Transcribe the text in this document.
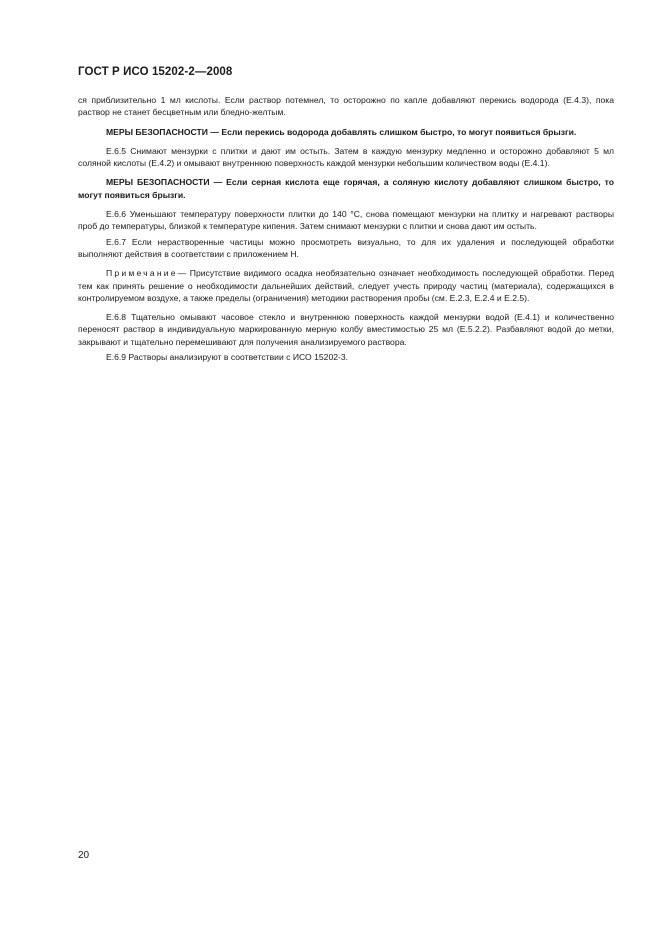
ГОСТ Р ИСО 15202-2—2008

ся приблизительно 1 мл кислоты. Если раствор потемнел, то осторожно по капле добавляют перекись водорода (Е.4.3), пока раствор не станет бесцветным или бледно-желтым.

МЕРЫ БЕЗОПАСНОСТИ — Если перекись водорода добавлять слишком быстро, то могут появиться брызги.

Е.6.5 Снимают мензурки с плитки и дают им остыть. Затем в каждую мензурку медленно и осторожно добавляют 5 мл соляной кислоты (Е.4.2) и омывают внутреннюю поверхность каждой мензурки небольшим количеством воды (Е.4.1).

МЕРЫ БЕЗОПАСНОСТИ — Если серная кислота еще горячая, а соляную кислоту добавляют слишком быстро, то могут появиться брызги.

Е.6.6 Уменьшают температуру поверхности плитки до 140 °С, снова помещают мензурки на плитку и нагревают растворы проб до температуры, близкой к температуре кипения. Затем снимают мензурки с плитки и снова дают им остыть.

Е.6.7 Если нерастворенные частицы можно просмотреть визуально, то для их удаления и последующей обработки выполняют действия в соответствии с приложением Н.

Примечание— Присутствие видимого осадка необязательно означает необходимость последующей обработки. Перед тем как принять решение о необходимости дальнейших действий, следует учесть природу частиц (материала), содержащихся в контролируемом воздухе, а также пределы (ограничения) методики растворения пробы (см. Е.2.3, Е.2.4 и Е.2.5).

Е.6.8 Тщательно омывают часовое стекло и внутреннюю поверхность каждой мензурки водой (Е.4.1) и количественно переносят раствор в индивидуальную маркированную мерную колбу вместимостью 25 мл (Е.5.2.2). Разбавляют водой до метки, закрывают и тщательно перемешивают для получения анализируемого раствора.

Е.6.9 Растворы анализируют в соответствии с ИСО 15202-3.

20
